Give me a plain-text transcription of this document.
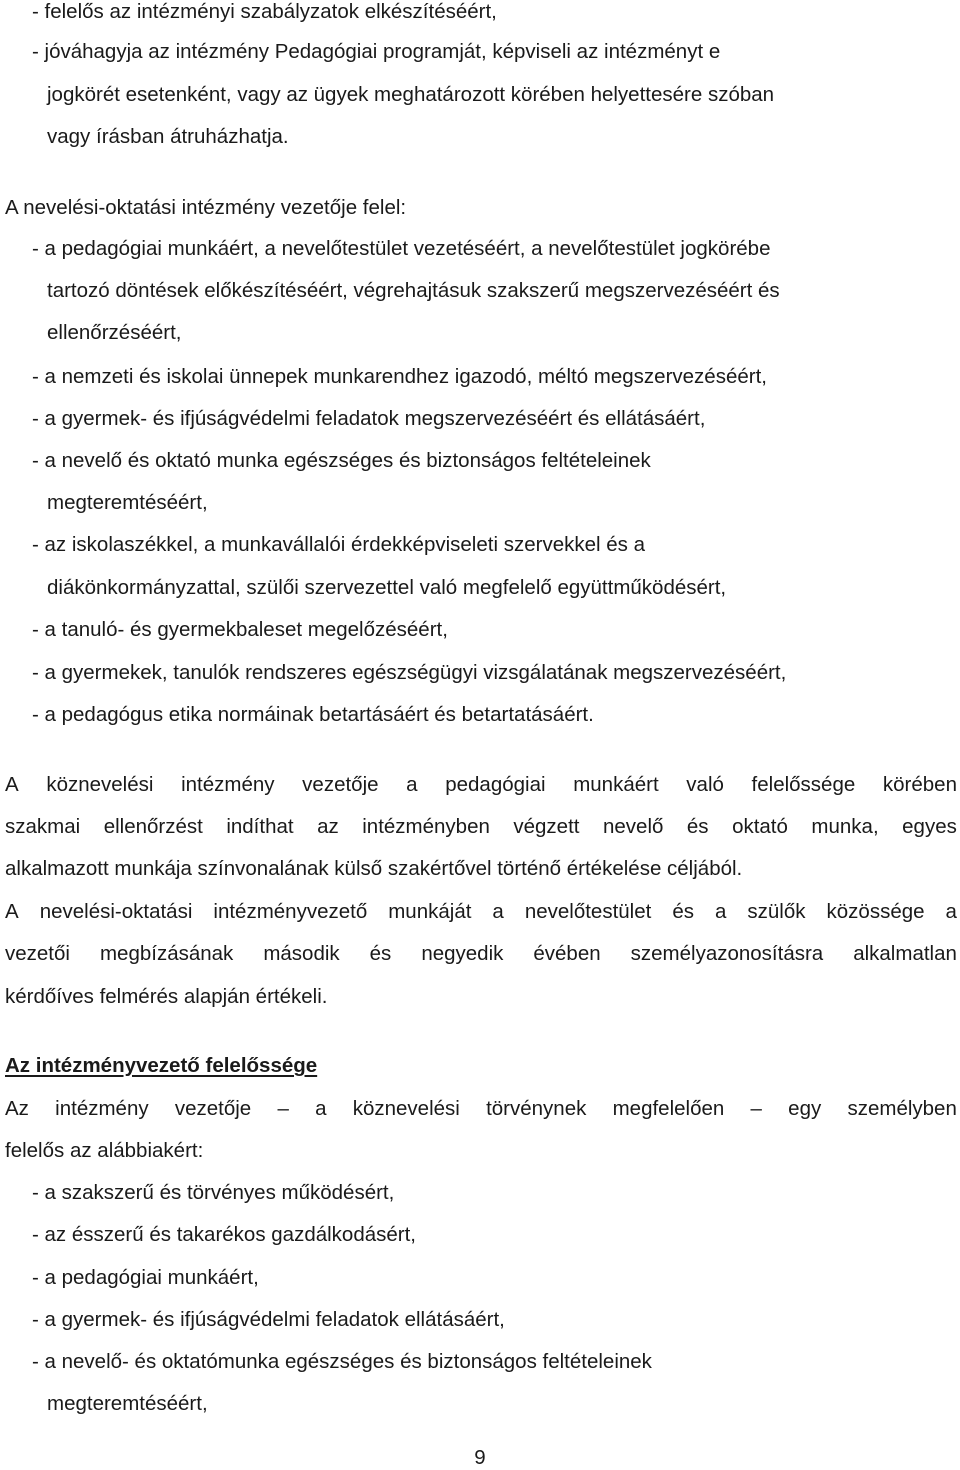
- felelős az intézményi szabályzatok elkészítéséért,
- jóváhagyja az intézmény Pedagógiai programját, képviseli az intézményt e
jogkörét esetenként, vagy az ügyek meghatározott körében helyettesére szóban
vagy írásban átruházhatja.
A nevelési-oktatási intézmény vezetője felel:
- a pedagógiai munkáért, a nevelőtestület vezetéséért, a nevelőtestület jogkörébe
tartozó döntések előkészítéséért, végrehajtásuk szakszerű megszervezéséért és
ellenőrzéséért,
- a nemzeti és iskolai ünnepek munkarendhez igazodó, méltó megszervezéséért,
- a gyermek- és ifjúságvédelmi feladatok megszervezéséért és ellátásáért,
- a nevelő és oktató munka egészséges és biztonságos feltételeinek
megteremtéséért,
- az iskolaszékkel, a munkavállalói érdekképviseleti szervekkel és a
diákönkormányzattal, szülői szervezettel való megfelelő együttműködésért,
- a tanuló- és gyermekbaleset megelőzéséért,
- a gyermekek, tanulók rendszeres egészségügyi vizsgálatának megszervezéséért,
- a pedagógus etika normáinak betartásáért és betartatásáért.
A köznevelési intézmény vezetője a pedagógiai munkáért való felelőssége körében
szakmai ellenőrzést indíthat az intézményben végzett nevelő és oktató munka, egyes
alkalmazott munkája színvonalának külső szakértővel történő értékelése céljából.
A nevelési-oktatási intézményvezető munkáját a nevelőtestület és a szülők közössége a
vezetői megbízásának második és negyedik évében személyazonosításra alkalmatlan
kérdőíves felmérés alapján értékeli.
Az intézményvezető felelőssége
Az intézmény vezetője – a köznevelési törvénynek megfelelően – egy személyben
felelős az alábbiakért:
- a szakszerű és törvényes működésért,
- az ésszerű és takarékos gazdálkodásért,
- a pedagógiai munkáért,
- a gyermek- és ifjúságvédelmi feladatok ellátásáért,
- a nevelő- és oktatómunka egészséges és biztonságos feltételeinek
megteremtéséért,
9
